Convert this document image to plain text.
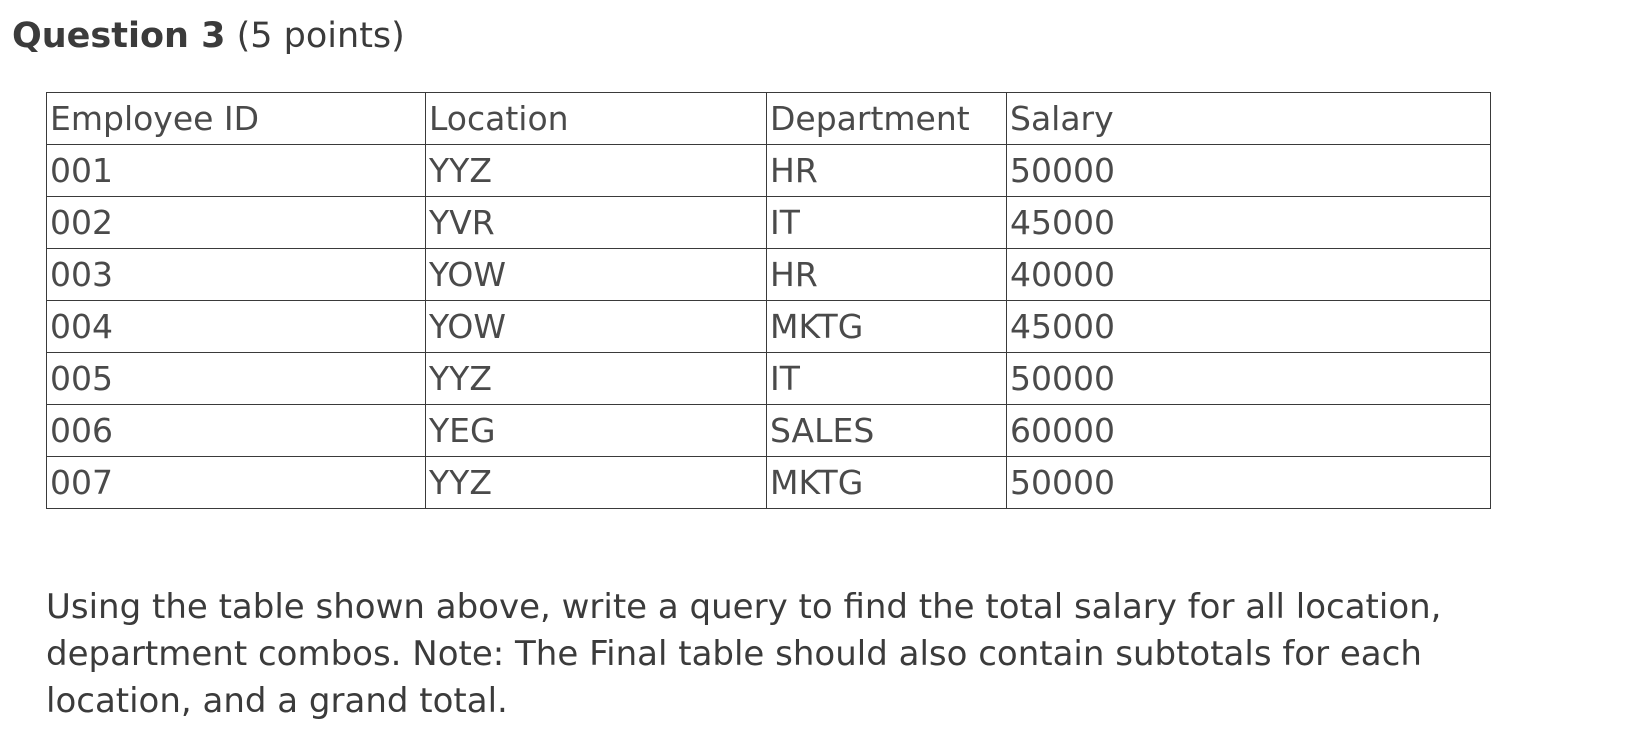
Question 3 (5 points)
Employee ID	Location	Department	Salary
001	YYZ	HR	50000
002	YVR	IT	45000
003	YOW	HR	40000
004	YOW	MKTG	45000
005	YYZ	IT	50000
006	YEG	SALES	60000
007	YYZ	MKTG	50000

Using the table shown above, write a query to find the total salary for all location, department combos. Note: The Final table should also contain subtotals for each location, and a grand total.
